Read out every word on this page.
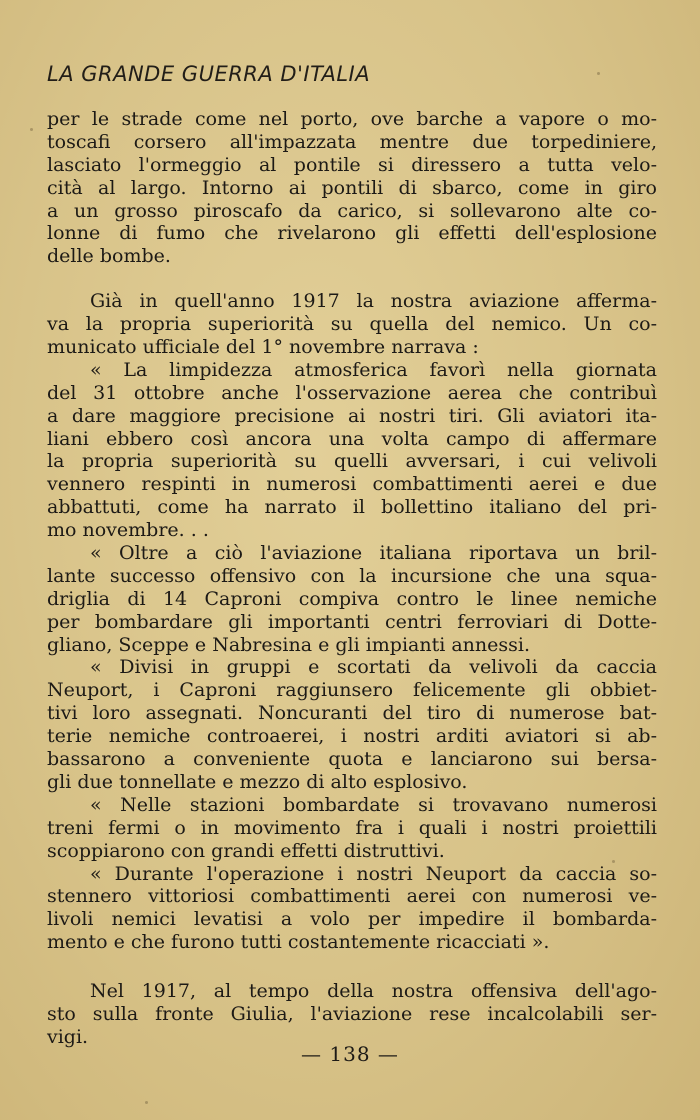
LA GRANDE GUERRA D'ITALIA
per le strade come nel porto, ove barche a vapore o mo-
toscafi corsero all'impazzata mentre due torpediniere,
lasciato l'ormeggio al pontile si diressero a tutta velo-
cità al largo. Intorno ai pontili di sbarco, come in giro
a un grosso piroscafo da carico, si sollevarono alte co-
lonne di fumo che rivelarono gli effetti dell'esplosione
delle bombe.
Già in quell'anno 1917 la nostra aviazione afferma-
va la propria superiorità su quella del nemico. Un co-
municato ufficiale del 1° novembre narrava :
« La limpidezza atmosferica favorì nella giornata
del 31 ottobre anche l'osservazione aerea che contribuì
a dare maggiore precisione ai nostri tiri. Gli aviatori ita-
liani ebbero così ancora una volta campo di affermare
la propria superiorità su quelli avversari, i cui velivoli
vennero respinti in numerosi combattimenti aerei e due
abbattuti, come ha narrato il bollettino italiano del pri-
mo novembre. . .
« Oltre a ciò l'aviazione italiana riportava un bril-
lante successo offensivo con la incursione che una squa-
driglia di 14 Caproni compiva contro le linee nemiche
per bombardare gli importanti centri ferroviari di Dotte-
gliano, Sceppe e Nabresina e gli impianti annessi.
« Divisi in gruppi e scortati da velivoli da caccia
Neuport, i Caproni raggiunsero felicemente gli obbiet-
tivi loro assegnati. Noncuranti del tiro di numerose bat-
terie nemiche controaerei, i nostri arditi aviatori si ab-
bassarono a conveniente quota e lanciarono sui bersa-
gli due tonnellate e mezzo di alto esplosivo.
« Nelle stazioni bombardate si trovavano numerosi
treni fermi o in movimento fra i quali i nostri proiettili
scoppiarono con grandi effetti distruttivi.
« Durante l'operazione i nostri Neuport da caccia so-
stennero vittoriosi combattimenti aerei con numerosi ve-
livoli nemici levatisi a volo per impedire il bombarda-
mento e che furono tutti costantemente ricacciati ».
Nel 1917, al tempo della nostra offensiva dell'ago-
sto sulla fronte Giulia, l'aviazione rese incalcolabili ser-
vigi.
— 138 —
